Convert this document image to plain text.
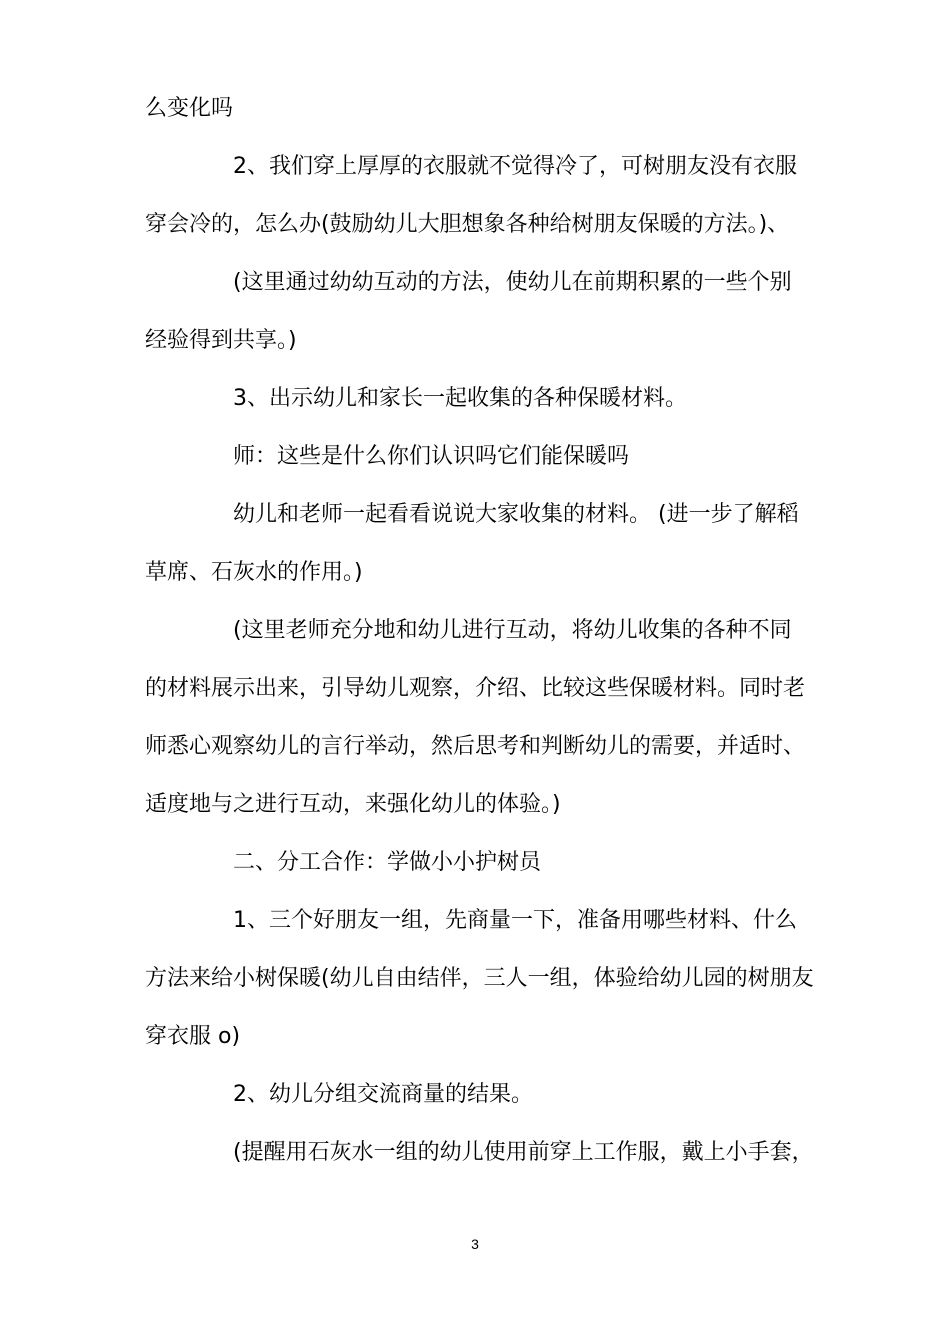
么变化吗

2、我们穿上厚厚的衣服就不觉得冷了，可树朋友没有衣服

穿会冷的，怎么办(鼓励幼儿大胆想象各种给树朋友保暖的方法。)、

(这里通过幼幼互动的方法，使幼儿在前期积累的一些个别

经验得到共享。)

3、出示幼儿和家长一起收集的各种保暖材料。

师：这些是什么你们认识吗它们能保暖吗

幼儿和老师一起看看说说大家收集的材料。 (进一步了解稻

草席、石灰水的作用。)

(这里老师充分地和幼儿进行互动，将幼儿收集的各种不同

的材料展示出来，引导幼儿观察，介绍、比较这些保暖材料。同时老

师悉心观察幼儿的言行举动，然后思考和判断幼儿的需要，并适时、

适度地与之进行互动，来强化幼儿的体验。)

二、分工合作：学做小小护树员

1、三个好朋友一组，先商量一下，准备用哪些材料、什么

方法来给小树保暖(幼儿自由结伴，三人一组，体验给幼儿园的树朋友

穿衣服 o)

2、幼儿分组交流商量的结果。

(提醒用石灰水一组的幼儿使用前穿上工作服，戴上小手套，

3
